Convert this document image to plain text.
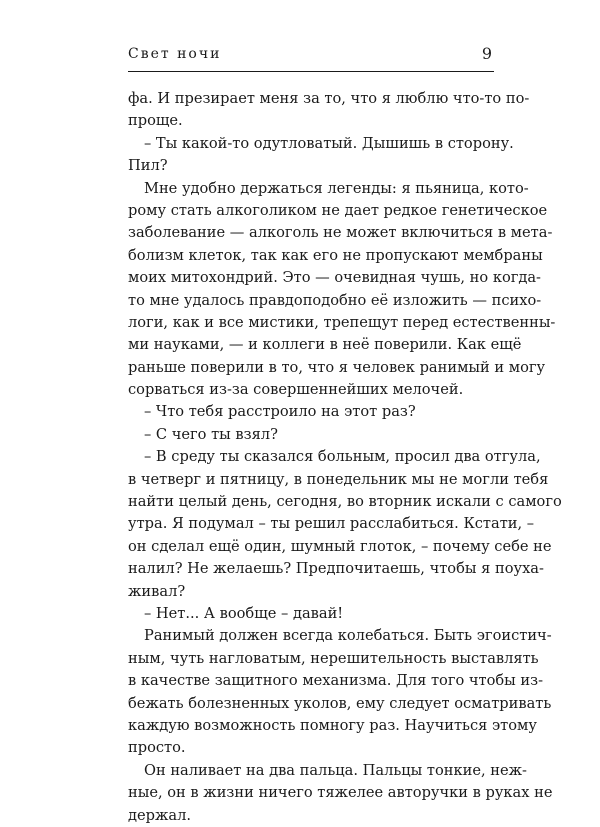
Свет ночи	9
фа. И презирает меня за то, что я люблю что-то по-
проще.
– Ты какой-то одутловатый. Дышишь в сторону.
Пил?
Мне удобно держаться легенды: я пьяница, кото-
рому стать алкоголиком не дает редкое генетическое
заболевание — алкоголь не может включиться в мета-
болизм клеток, так как его не пропускают мембраны
моих митохондрий. Это — очевидная чушь, но когда-
то мне удалось правдоподобно её изложить — психо-
логи, как и все мистики, трепещут перед естественны-
ми науками, — и коллеги в неё поверили. Как ещё
раньше поверили в то, что я человек ранимый и могу
сорваться из-за совершеннейших мелочей.
– Что тебя расстроило на этот раз?
– С чего ты взял?
– В среду ты сказался больным, просил два отгула,
в четверг и пятницу, в понедельник мы не могли тебя
найти целый день, сегодня, во вторник искали с самого
утра. Я подумал – ты решил расслабиться. Кстати, –
он сделал ещё один, шумный глоток, – почему себе не
налил? Не желаешь? Предпочитаешь, чтобы я поуха-
живал?
– Нет... А вообще – давай!
Ранимый должен всегда колебаться. Быть эгоистич-
ным, чуть нагловатым, нерешительность выставлять
в качестве защитного механизма. Для того чтобы из-
бежать болезненных уколов, ему следует осматривать
каждую возможность помногу раз. Научиться этому
просто.
Он наливает на два пальца. Пальцы тонкие, неж-
ные, он в жизни ничего тяжелее авторучки в руках не
держал.
